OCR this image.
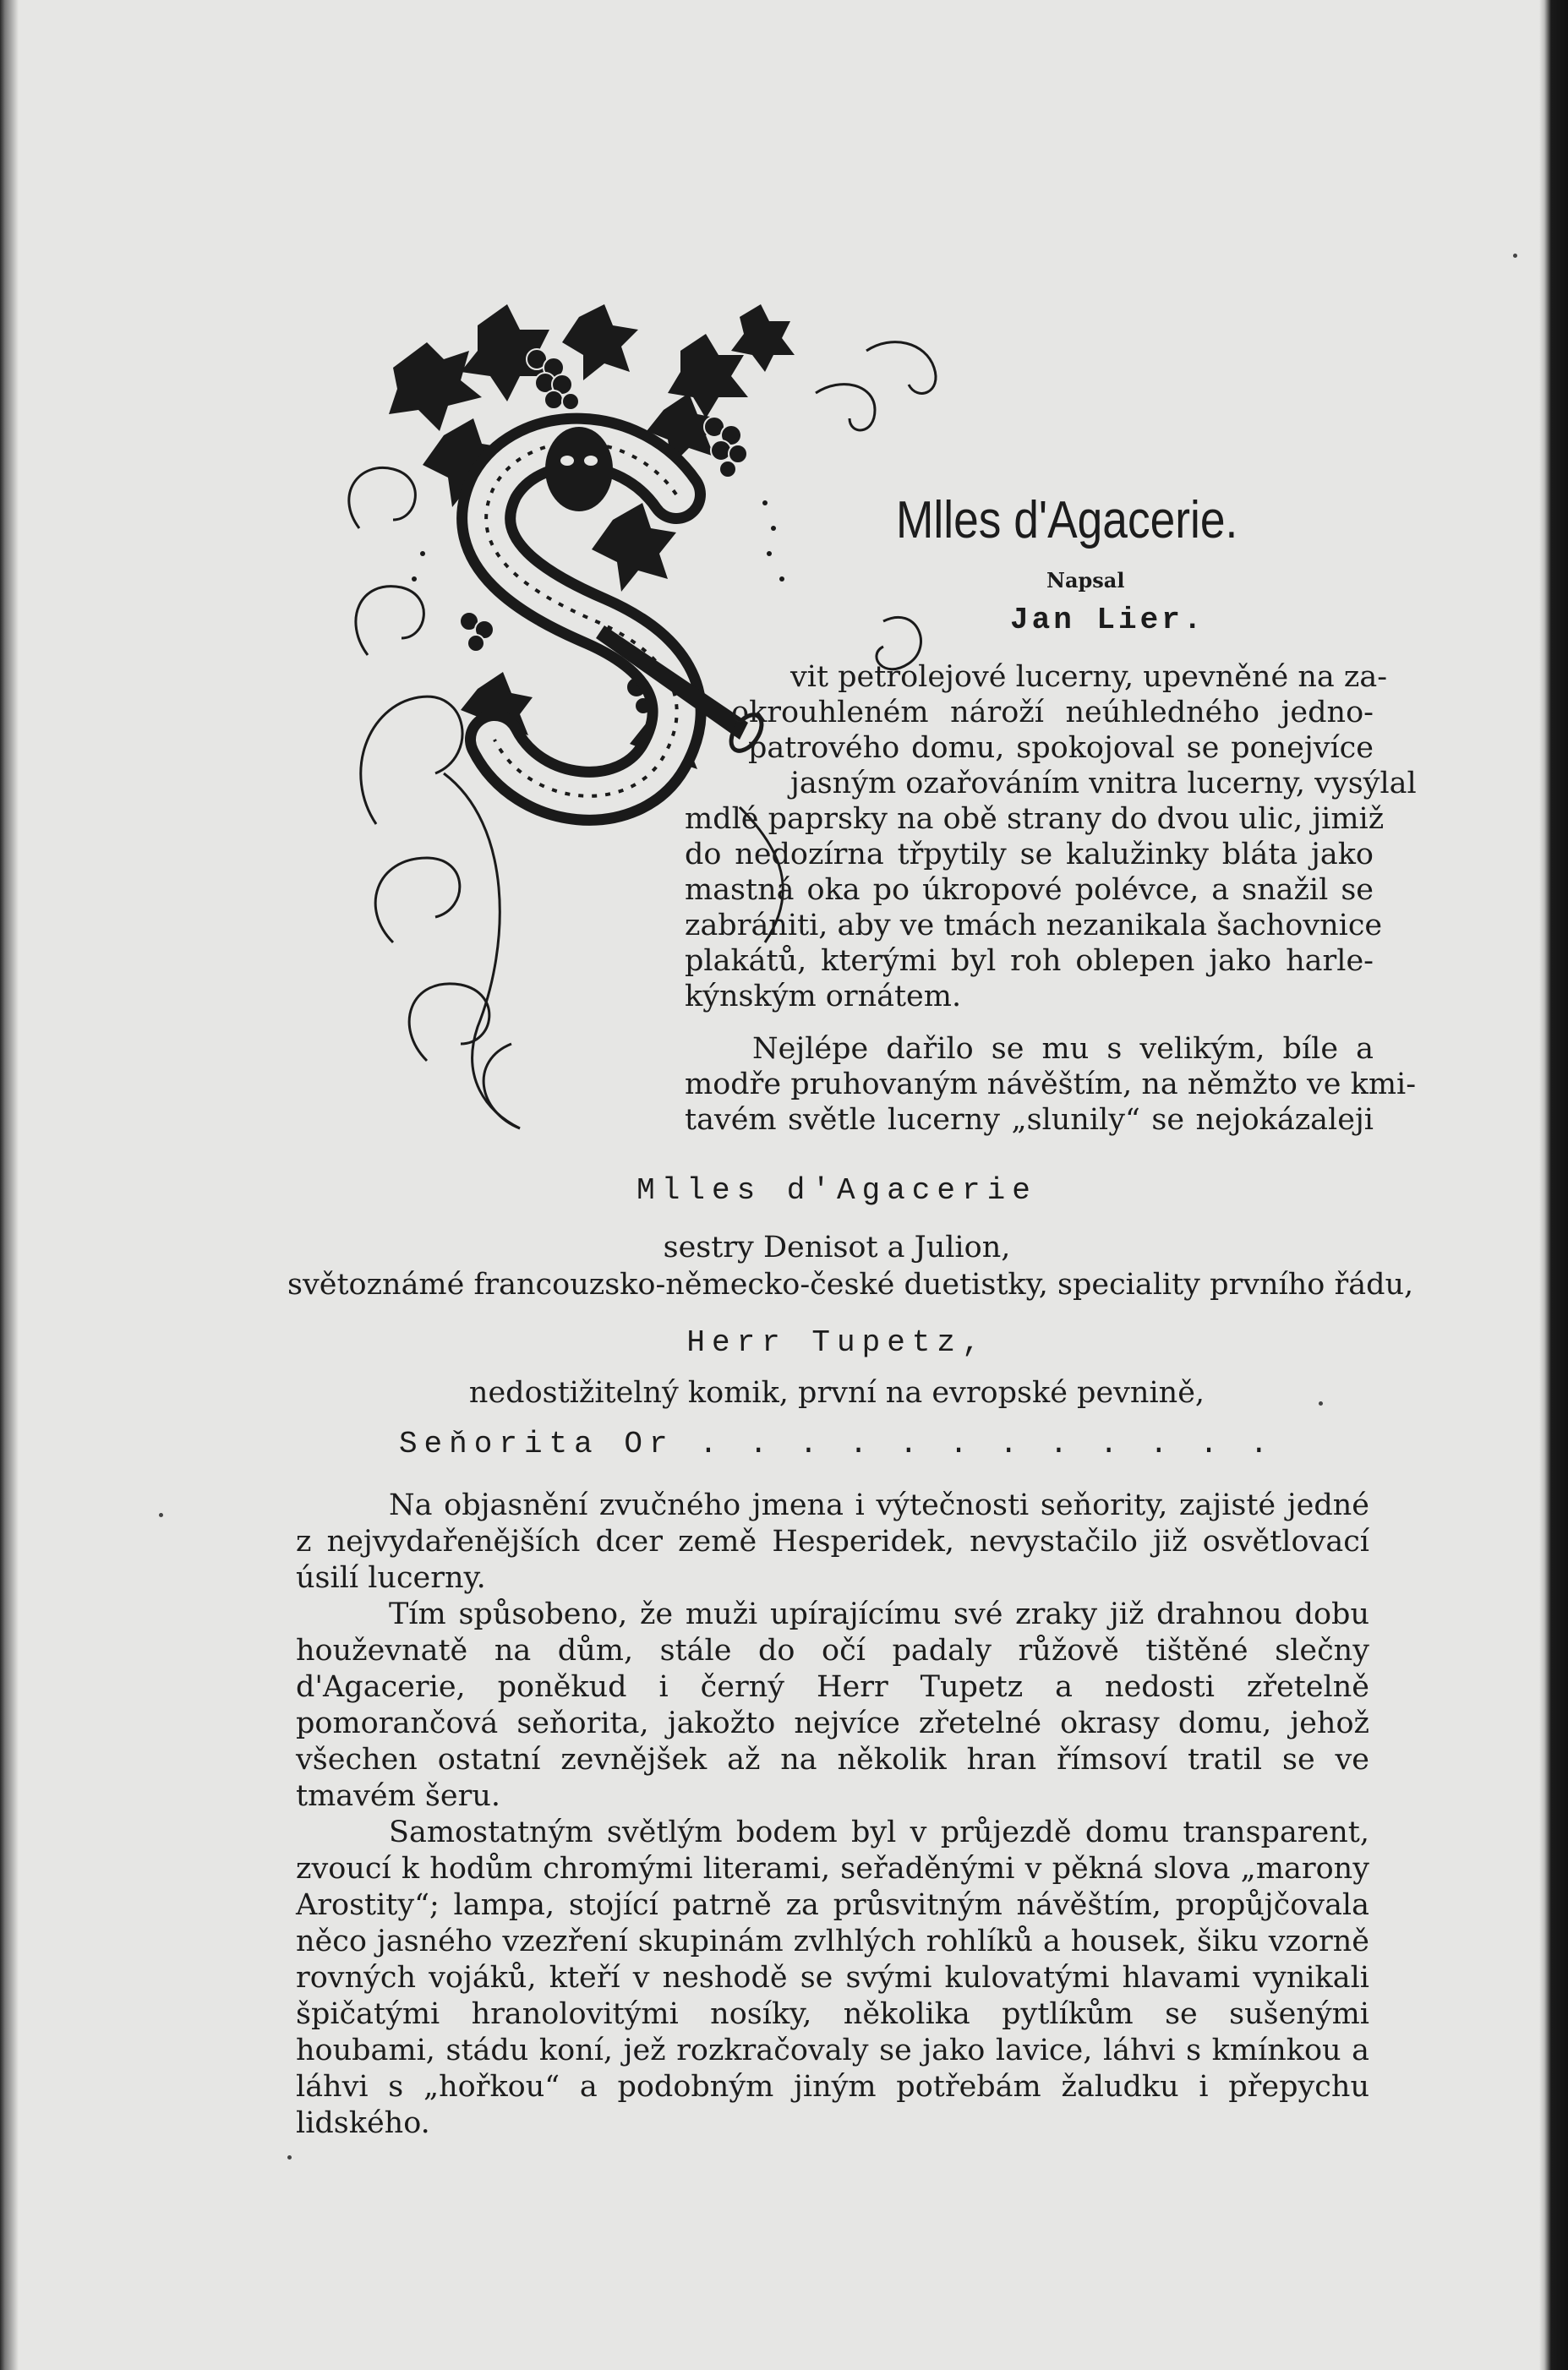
Mlles d'Agacerie.
Napsal
Jan Lier.
vit petrolejové lucerny, upevněné na za-
okrouhleném nároží neúhledného jedno-
patrového domu, spokojoval se ponejvíce
jasným ozařováním vnitra lucerny, vysýlal
mdlé paprsky na obě strany do dvou ulic, jimiž
do nedozírna třpytily se kalužinky bláta jako
mastná oka po úkropové polévce, a snažil se
zabrániti, aby ve tmách nezanikala šachovnice
plakátů, kterými byl roh oblepen jako harle-
kýnským ornátem.
Nejlépe dařilo se mu s velikým, bíle a
modře pruhovaným návěštím, na němžto ve kmi-
tavém světle lucerny „slunily“ se nejokázaleji
Mlles d'Agacerie
sestry Denisot a Julion,
světoznámé francouzsko-německo-české duetistky, speciality prvního řádu,
Herr Tupetz,
nedostižitelný komik, první na evropské pevnině,
Seňorita Or . . . . . . . . . . . .

Na objasnění zvučného jmena i výtečnosti seňority, zajisté jedné z nejvydařenějších dcer země Hesperidek, nevystačilo již osvětlovací úsilí lucerny.

Tím spůsobeno, že muži upírajícímu své zraky již drahnou dobu houževnatě na dům, stále do očí padaly růžově tištěné slečny d'Agacerie, poněkud i černý Herr Tupetz a nedosti zřetelně pomorančová seňorita, jakožto nejvíce zřetelné okrasy domu, jehož všechen ostatní zevnějšek až na několik hran římsoví tratil se ve tmavém šeru.

Samostatným světlým bodem byl v průjezdě domu transparent, zvoucí k hodům chromými literami, seřaděnými v pěkná slova „marony Arostity“; lampa, stojící patrně za průsvitným návěštím, propůjčovala něco jasného vzezření skupinám zvlhlých rohlíků a housek, šiku vzorně rovných vojáků, kteří v neshodě se svými kulovatými hlavami vynikali špičatými hranolovitými nosíky, několika pytlíkům se sušenými houbami, stádu koní, jež rozkračovaly se jako lavice, láhvi s kmínkou a láhvi s „hořkou“ a podobným jiným potřebám žaludku i přepychu lidského.
